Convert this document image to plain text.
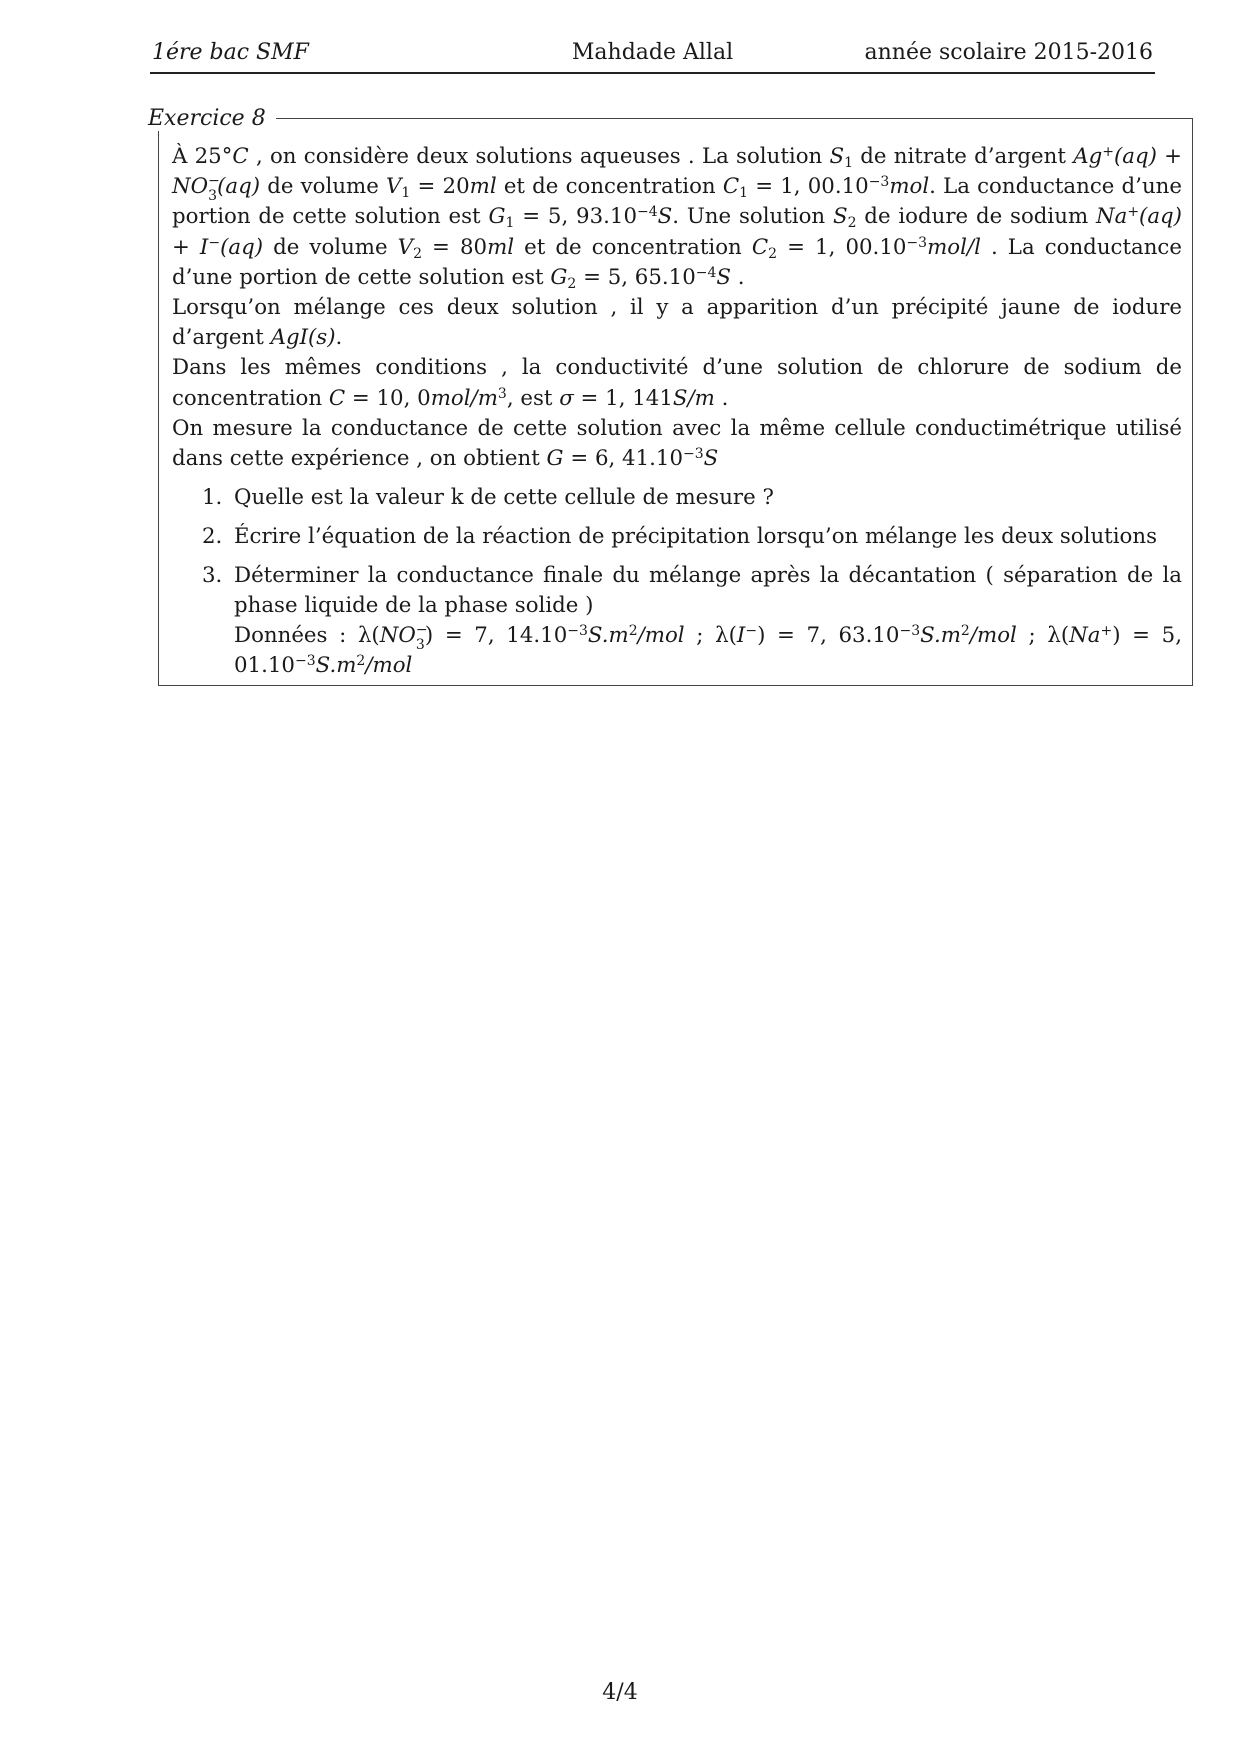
1ére bac SMF	Mahdade Allal	année scolaire 2015-2016
Exercice 8

À 25°C , on considère deux solutions aqueuses . La solution $S_1$ de nitrate d’argent Ag+(aq) + NO−
3 (aq) de volume $V_1 = 20ml$ et de concentration $C_1 = 1$, $00.10^{-3}mol$. La conductance d’une portion de cette solution est $G_1 = 5$, $93.10^{-4}S$. Une solution $S_2$ de iodure de sodium Na+(aq) + I−(aq) de volume $V_2 = 80ml$ et de concentration $C_2 = 1$, $00.10^{-3}mol/l$ . La conductance d’une portion de cette solution est $G_2 = 5$, $65.10^{-4}S$ .

Lorsqu’on mélange ces deux solution , il y a apparition d’un précipité jaune de iodure d’argent AgI(s).

Dans les mêmes conditions , la conductivité d’une solution de chlorure de sodium de concentration C = 10, $0mol/m^3$, est σ = 1, 141S/m .

On mesure la conductance de cette solution avec la même cellule conductimétrique utilisé dans cette expérience , on obtient G = 6, $41.10^{-3}S$

1. Quelle est la valeur k de cette cellule de mesure ?
2. Écrire l’équation de la réaction de précipitation lorsqu’on mélange les deux solutions
3. Déterminer la conductance finale du mélange après la décantation ( séparation de la phase liquide de la phase solide )
Données : λ(NO−
3 ) = 7, $14.10^{-3}S.m^2$/mol ; λ(I−) = 7, $63.10^{-3}S.m^2$/mol ; λ(Na+) = 5, $01.10^{-3}S.m^2$/mol
4/4
